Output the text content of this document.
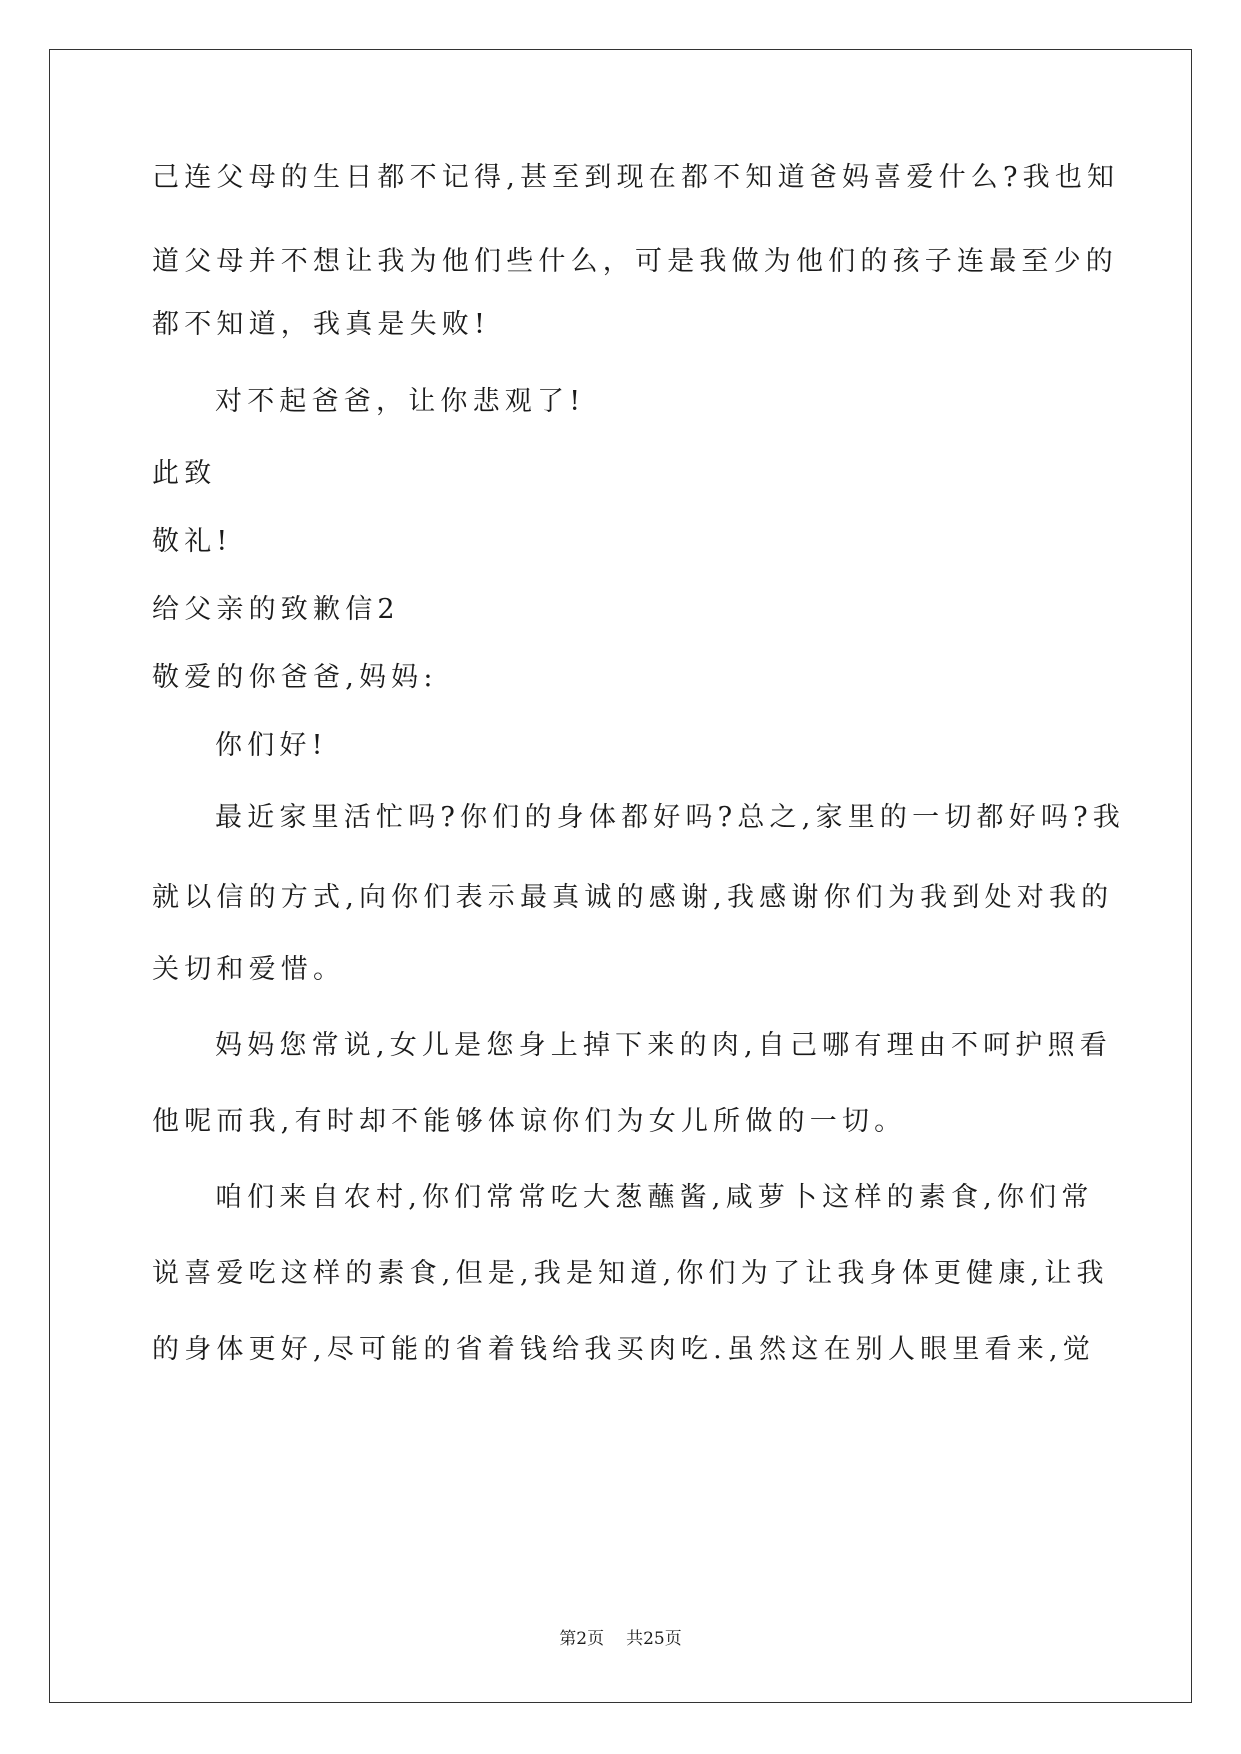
己连父母的生日都不记得,甚至到现在都不知道爸妈喜爱什么?我也知
道父母并不想让我为他们些什么，可是我做为他们的孩子连最至少的
都不知道，我真是失败!
对不起爸爸，让你悲观了!
此致
敬礼!
给父亲的致歉信2
敬爱的你爸爸,妈妈:
你们好!
最近家里活忙吗?你们的身体都好吗?总之,家里的一切都好吗?我
就以信的方式,向你们表示最真诚的感谢,我感谢你们为我到处对我的
关切和爱惜。
妈妈您常说,女儿是您身上掉下来的肉,自己哪有理由不呵护照看
他呢而我,有时却不能够体谅你们为女儿所做的一切。
咱们来自农村,你们常常吃大葱蘸酱,咸萝卜这样的素食,你们常
说喜爱吃这样的素食,但是,我是知道,你们为了让我身体更健康,让我
的身体更好,尽可能的省着钱给我买肉吃.虽然这在别人眼里看来,觉
第2页 共25页
